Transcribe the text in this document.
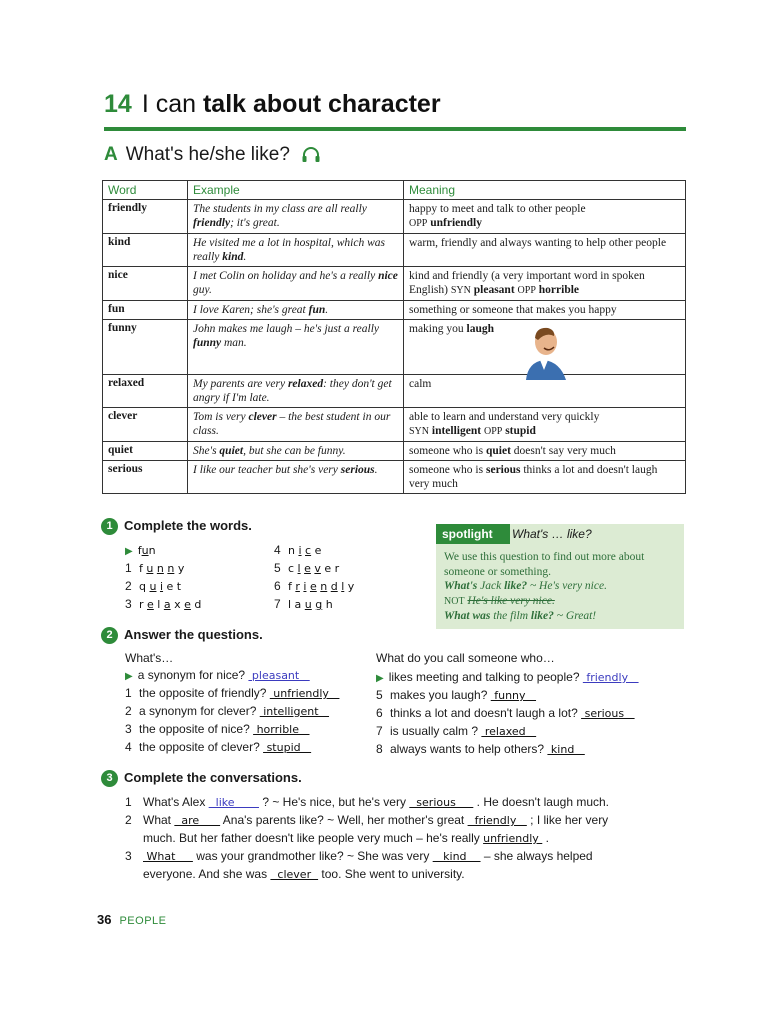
14 I can talk about character
A What's he/she like?
Word	Example	Meaning
friendly	The students in my class are all really friendly; it's great.	happy to meet and talk to other people
OPP unfriendly
kind	He visited me a lot in hospital, which was really kind.	warm, friendly and always wanting to help other people
nice	I met Colin on holiday and he's a really nice guy.	kind and friendly (a very important word in spoken English) SYN pleasant OPP horrible
fun	I love Karen; she's great fun.	something or someone that makes you happy
funny	John makes me laugh – he's just a really funny man.	making you laugh
relaxed	My parents are very relaxed: they don't get angry if I'm late.	calm
clever	Tom is very clever – the best student in our class.	able to learn and understand very quickly
SYN intelligent OPP stupid
quiet	She's quiet, but she can be funny.	someone who is quiet doesn't say very much
serious	I like our teacher but she's very serious.	someone who is serious thinks a lot and doesn't laugh very much
1 Complete the words.
▶ fun
1 f u n n y
2 q u i e t
3 r e l a x e d
4 n i c e
5 c l e v e r
6 f r i e n d l y
7 l a u g h
spotlight	What's … like?
We use this question to find out more about someone or something.
What's Jack like? ~ He's very nice.
NOT He's like very nice.
What was the film like? ~ Great!
2 Answer the questions.
What's…	What do you call someone who…
▶ a synonym for nice?  pleasant
1 the opposite of friendly?  unfriendly
2 a synonym for clever?  intelligent
3 the opposite of nice?  horrible
4 the opposite of clever?  stupid
▶ likes meeting and talking to people?  friendly
5 makes you laugh?  funny
6 thinks a lot and doesn't laugh a lot?  serious
7 is usually calm ?  relaxed
8 always wants to help others?  kind
3 Complete the conversations.
1 What's Alex   like        ? ~ He's nice, but he's very   serious      . He doesn't laugh much.
2 What   are       Ana's parents like? ~ Well, her mother's great   friendly    ; I like her very
much. But her father doesn't like people very much – he's really unfriendly  .
3 What      was your grandmother like? ~ She was very    kind     – she always helped
everyone. And she was   clever   too. She went to university.
36 PEOPLE
